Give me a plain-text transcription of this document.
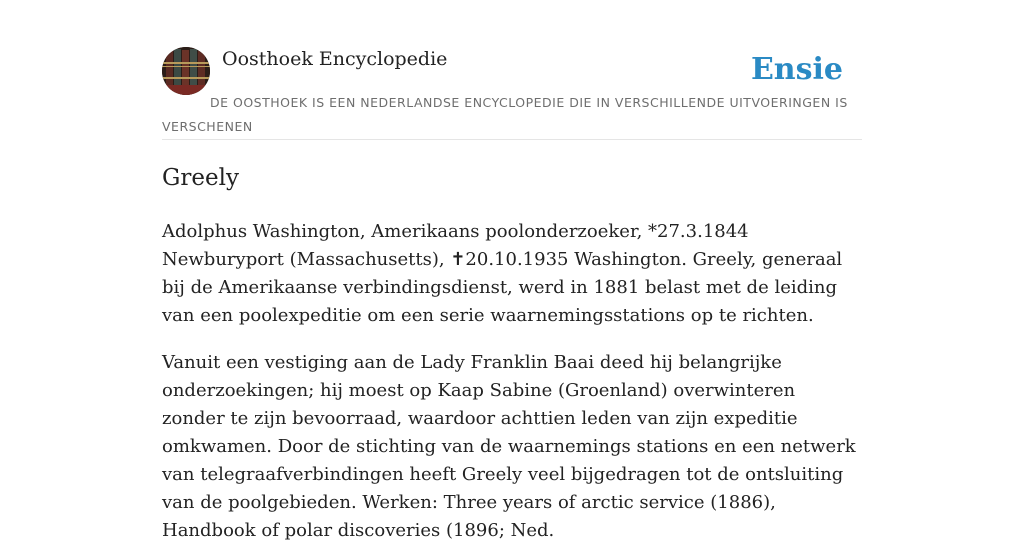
Oosthoek Encyclopedie	Ensie
DE OOSTHOEK IS EEN NEDERLANDSE ENCYCLOPEDIE DIE IN VERSCHILLENDE UITVOERINGEN IS VERSCHENEN
Greely

Adolphus Washington, Amerikaans poolonderzoeker, *27.3.1844 Newburyport (Massachusetts), ✝20.10.1935 Washington. Greely, generaal bij de Amerikaanse verbindingsdienst, werd in 1881 belast met de leiding van een poolexpeditie om een serie waarnemingsstations op te richten.

Vanuit een vestiging aan de Lady Franklin Baai deed hij belangrijke onderzoekingen; hij moest op Kaap Sabine (Groenland) overwinteren zonder te zijn bevoorraad, waardoor achttien leden van zijn expeditie omkwamen. Door de stichting van de waarnemings stations en een netwerk van telegraafverbindingen heeft Greely veel bijgedragen tot de ontsluiting van de poolgebieden. Werken: Three years of arctic service (1886), Handbook of polar discoveries (1896; Ned.
